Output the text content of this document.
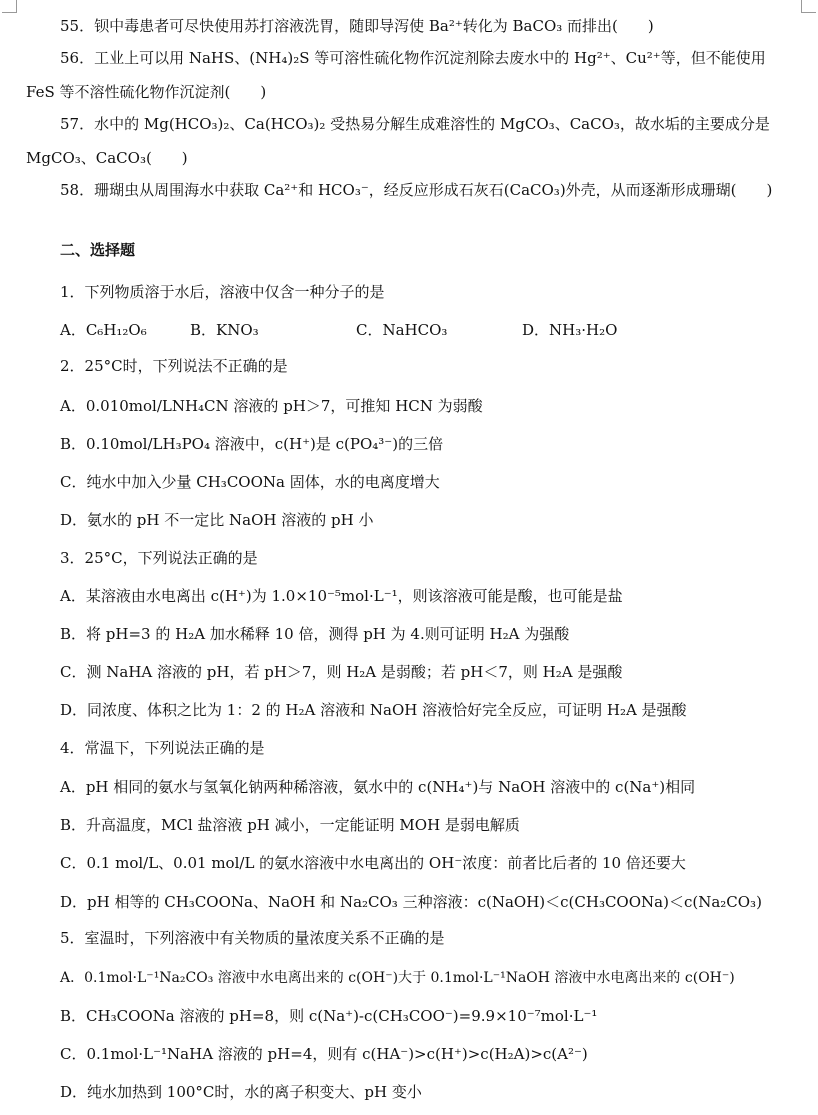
55．钡中毒患者可尽快使用苏打溶液洗胃，随即导泻使 Ba²⁺转化为 BaCO₃ 而排出(　　)
56．工业上可以用 NaHS、(NH₄)₂S 等可溶性硫化物作沉淀剂除去废水中的 Hg²⁺、Cu²⁺等，但不能使用
FeS 等不溶性硫化物作沉淀剂(　　)
57．水中的 Mg(HCO₃)₂、Ca(HCO₃)₂ 受热易分解生成难溶性的 MgCO₃、CaCO₃，故水垢的主要成分是
MgCO₃、CaCO₃(　　)
58．珊瑚虫从周围海水中获取 Ca²⁺和 HCO₃⁻，经反应形成石灰石(CaCO₃)外壳，从而逐渐形成珊瑚(　　)
二、选择题
1．下列物质溶于水后，溶液中仅含一种分子的是
A．C₆H₁₂O₆	B．KNO₃	C．NaHCO₃	D．NH₃·H₂O
2．25°C时，下列说法不正确的是
A．0.010mol/LNH₄CN 溶液的 pH＞7，可推知 HCN 为弱酸
B．0.10mol/LH₃PO₄ 溶液中，c(H⁺)是 c(PO₄³⁻)的三倍
C．纯水中加入少量 CH₃COONa 固体，水的电离度增大
D．氨水的 pH 不一定比 NaOH 溶液的 pH 小
3．25°C，下列说法正确的是
A．某溶液由水电离出 c(H⁺)为 1.0×10⁻⁵mol·L⁻¹，则该溶液可能是酸，也可能是盐
B．将 pH=3 的 H₂A 加水稀释 10 倍，测得 pH 为 4.则可证明 H₂A 为强酸
C．测 NaHA 溶液的 pH，若 pH＞7，则 H₂A 是弱酸；若 pH＜7，则 H₂A 是强酸
D．同浓度、体积之比为 1：2 的 H₂A 溶液和 NaOH 溶液恰好完全反应，可证明 H₂A 是强酸
4．常温下，下列说法正确的是
A．pH 相同的氨水与氢氧化钠两种稀溶液，氨水中的 c(NH₄⁺)与 NaOH 溶液中的 c(Na⁺)相同
B．升高温度，MCl 盐溶液 pH 减小，一定能证明 MOH 是弱电解质
C．0.1 mol/L、0.01 mol/L 的氨水溶液中水电离出的 OH⁻浓度：前者比后者的 10 倍还要大
D．pH 相等的 CH₃COONa、NaOH 和 Na₂CO₃ 三种溶液：c(NaOH)＜c(CH₃COONa)＜c(Na₂CO₃)
5．室温时，下列溶液中有关物质的量浓度关系不正确的是
A．0.1mol·L⁻¹Na₂CO₃ 溶液中水电离出来的 c(OH⁻)大于 0.1mol·L⁻¹NaOH 溶液中水电离出来的 c(OH⁻)
B．CH₃COONa 溶液的 pH=8，则 c(Na⁺)-c(CH₃COO⁻)=9.9×10⁻⁷mol·L⁻¹
C．0.1mol·L⁻¹NaHA 溶液的 pH=4，则有 c(HA⁻)>c(H⁺)>c(H₂A)>c(A²⁻)
D．纯水加热到 100°C时，水的离子积变大、pH 变小
